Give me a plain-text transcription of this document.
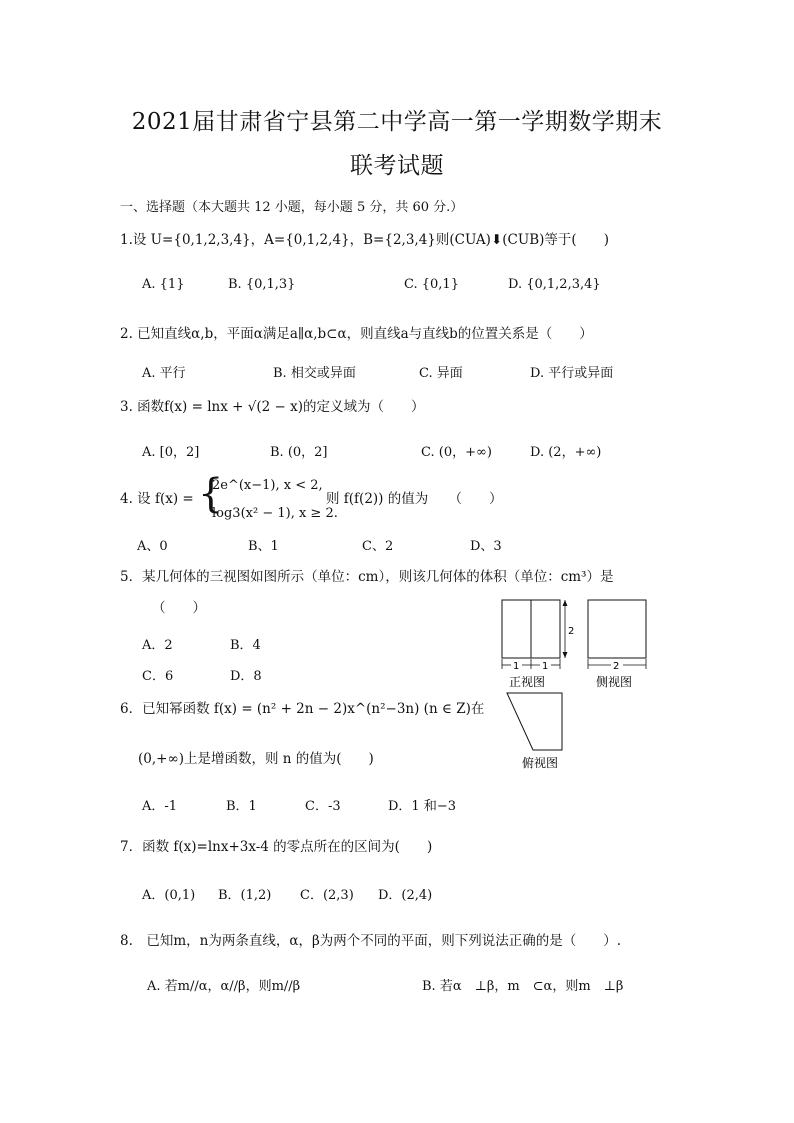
2021届甘肃省宁县第二中学高一第一学期数学期末
联考试题
一、选择题（本大题共 12 小题，每小题 5 分，共 60 分.）
1.设 U={0,1,2,3,4}，A={0,1,2,4}，B={2,3,4}则(CUA)⬇(CUB)等于(　　)
A. {1}	B. {0,1,3}	C. {0,1}	D. {0,1,2,3,4}
2. 已知直线α,b，平面α满足a∥α,b⊂α，则直线a与直线b的位置关系是（　　）
A. 平行	B. 相交或异面	C. 异面	D. 平行或异面
3. 函数f(x) = lnx + √(2 − x)的定义域为（　　）
A. [0，2]	B. (0，2]	C. (0，+∞)	D. (2，+∞)
4. 设 f(x) = {
2e^(x−1), x < 2,
log3(x² − 1), x ≥ 2.
则 f(f(2)) 的值为　　（　　）
A、0	B、1	C、2	D、3
5．某几何体的三视图如图所示（单位：cm），则该几何体的体积（单位：cm³）是
（　　）
A．2	B．4
C．6	D．8
2
1 1
正视图
2
侧视图
俯视图
6．已知幂函数 f(x) = (n² + 2n − 2)x^(n²−3n) (n ∈ Z)在
(0,+∞)上是增函数，则 n 的值为(　　)
A．-1	B．1	C．-3	D．1 和−3
7．函数 f(x)=lnx+3x-4 的零点所在的区间为(　　)
A．(0,1) B．(1,2) C．(2,3) D．(2,4)
8.　已知m，n为两条直线，α，β为两个不同的平面，则下列说法正确的是（　　）.
A. 若m//α，α//β，则m//β	B. 若α　⊥β，m　⊂α，则m　⊥β
